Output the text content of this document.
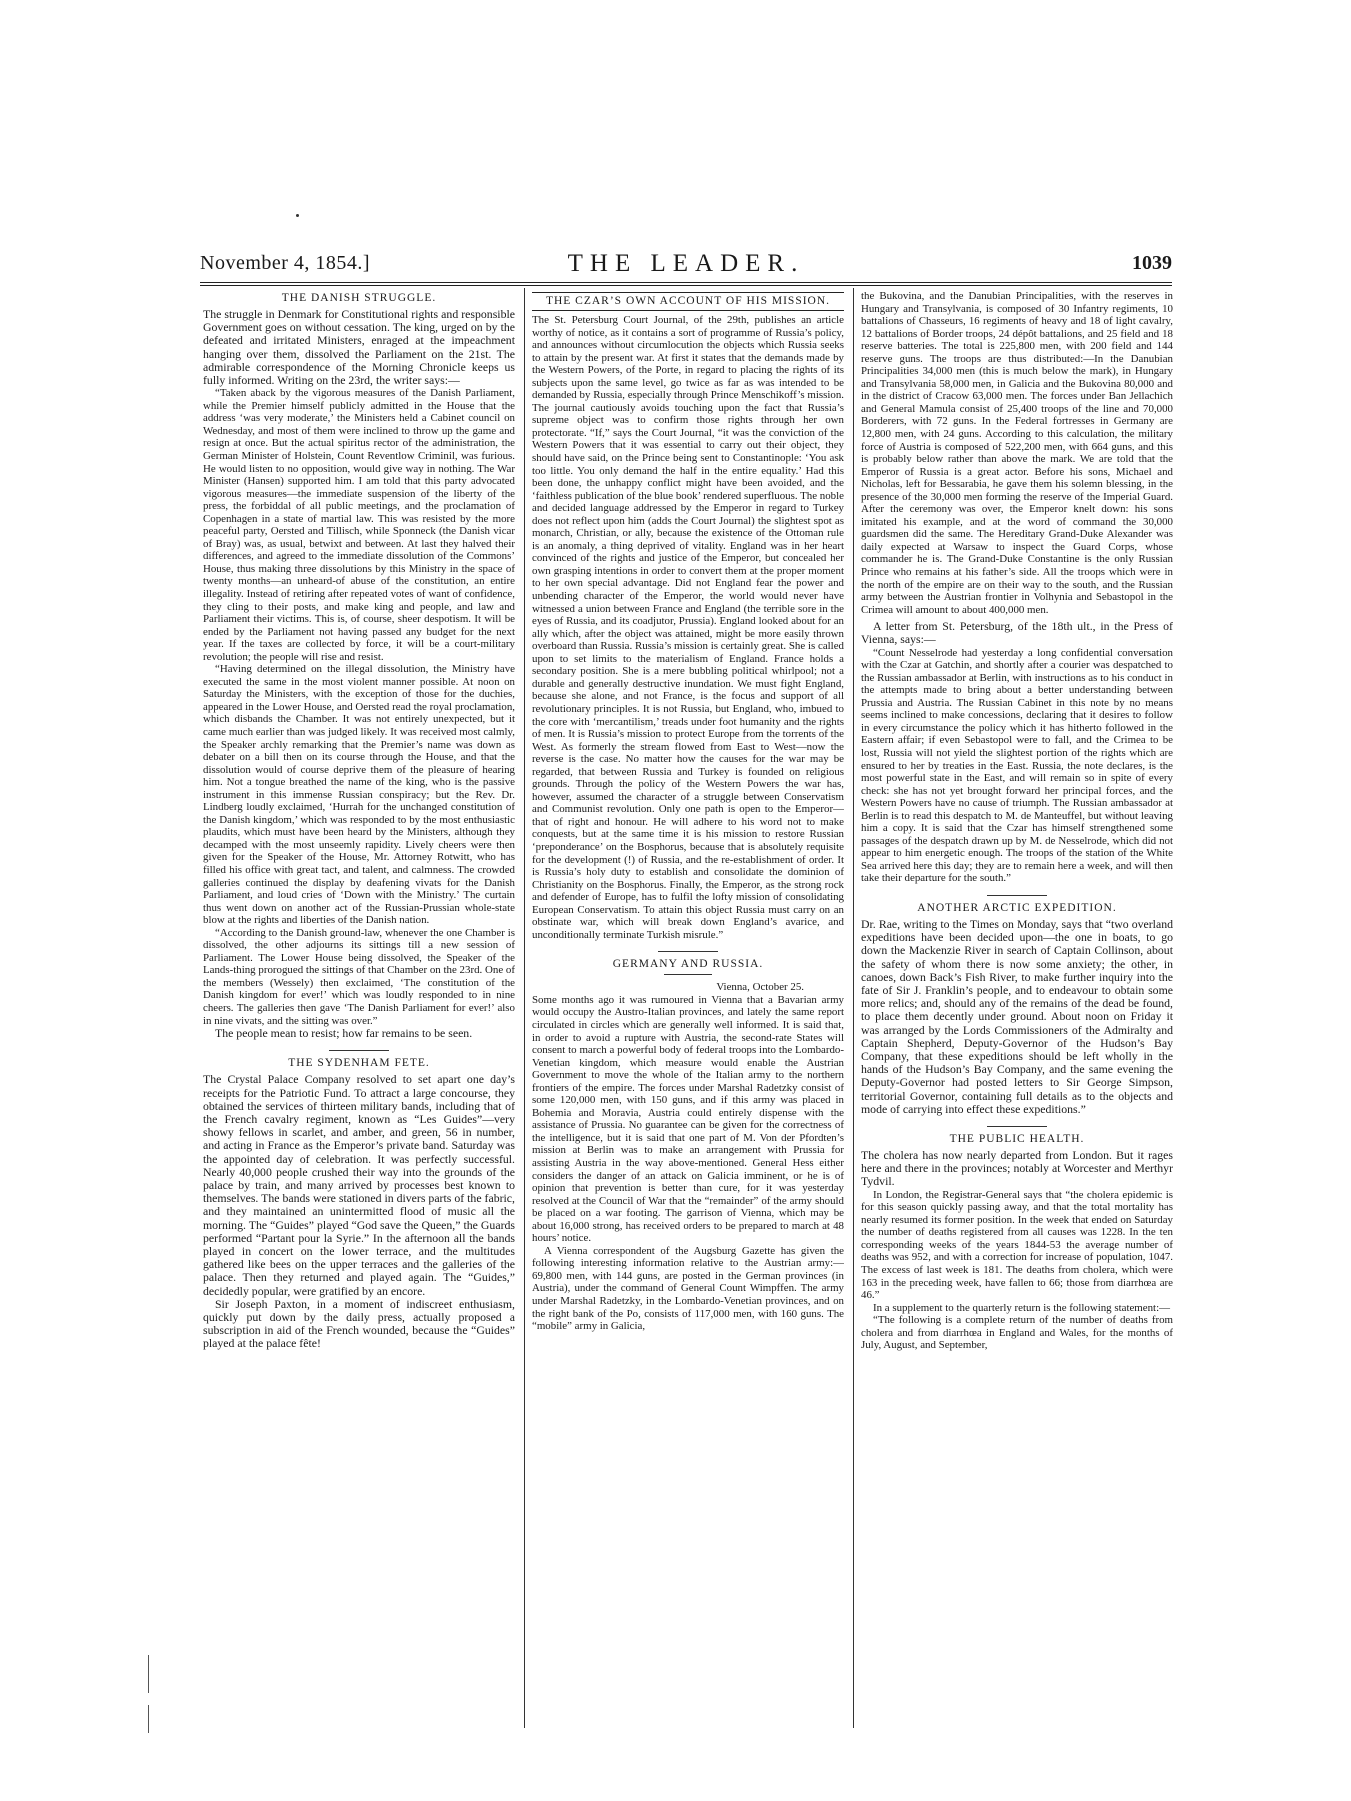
November 4, 1854.]	THE LEADER.	1039
THE DANISH STRUGGLE.

The struggle in Denmark for Constitutional rights and responsible Government goes on without cessation. The king, urged on by the defeated and irritated Ministers, enraged at the impeachment hanging over them, dissolved the Parliament on the 21st. The admirable correspondence of the Morning Chronicle keeps us fully informed. Writing on the 23rd, the writer says:—

“Taken aback by the vigorous measures of the Danish Parliament, while the Premier himself publicly admitted in the House that the address ‘was very moderate,’ the Ministers held a Cabinet council on Wednesday, and most of them were inclined to throw up the game and resign at once. But the actual spiritus rector of the administration, the German Minister of Holstein, Count Reventlow Criminil, was furious. He would listen to no opposition, would give way in nothing. The War Minister (Hansen) supported him. I am told that this party advocated vigorous measures—the immediate suspension of the liberty of the press, the forbiddal of all public meetings, and the proclamation of Copenhagen in a state of martial law. This was resisted by the more peaceful party, Oersted and Tillisch, while Sponneck (the Danish vicar of Bray) was, as usual, betwixt and between. At last they halved their differences, and agreed to the immediate dissolution of the Commons’ House, thus making three dissolutions by this Ministry in the space of twenty months—an unheard-of abuse of the constitution, an entire illegality. Instead of retiring after repeated votes of want of confidence, they cling to their posts, and make king and people, and law and Parliament their victims. This is, of course, sheer despotism. It will be ended by the Parliament not having passed any budget for the next year. If the taxes are collected by force, it will be a court-military revolution; the people will rise and resist.

“Having determined on the illegal dissolution, the Ministry have executed the same in the most violent manner possible. At noon on Saturday the Ministers, with the exception of those for the duchies, appeared in the Lower House, and Oersted read the royal proclamation, which disbands the Chamber. It was not entirely unexpected, but it came much earlier than was judged likely. It was received most calmly, the Speaker archly remarking that the Premier’s name was down as debater on a bill then on its course through the House, and that the dissolution would of course deprive them of the pleasure of hearing him. Not a tongue breathed the name of the king, who is the passive instrument in this immense Russian conspiracy; but the Rev. Dr. Lindberg loudly exclaimed, ‘Hurrah for the unchanged constitution of the Danish kingdom,’ which was responded to by the most enthusiastic plaudits, which must have been heard by the Ministers, although they decamped with the most unseemly rapidity. Lively cheers were then given for the Speaker of the House, Mr. Attorney Rotwitt, who has filled his office with great tact, and talent, and calmness. The crowded galleries continued the display by deafening vivats for the Danish Parliament, and loud cries of ‘Down with the Ministry.’ The curtain thus went down on another act of the Russian-Prussian whole-state blow at the rights and liberties of the Danish nation.

“According to the Danish ground-law, whenever the one Chamber is dissolved, the other adjourns its sittings till a new session of Parliament. The Lower House being dissolved, the Speaker of the Lands-thing prorogued the sittings of that Chamber on the 23rd. One of the members (Wessely) then exclaimed, ‘The constitution of the Danish kingdom for ever!’ which was loudly responded to in nine cheers. The galleries then gave ‘The Danish Parliament for ever!’ also in nine vivats, and the sitting was over.”

The people mean to resist; how far remains to be seen.

THE SYDENHAM FETE.

The Crystal Palace Company resolved to set apart one day’s receipts for the Patriotic Fund. To attract a large concourse, they obtained the services of thirteen military bands, including that of the French cavalry regiment, known as “Les Guides”—very showy fellows in scarlet, and amber, and green, 56 in number, and acting in France as the Emperor’s private band. Saturday was the appointed day of celebration. It was perfectly successful. Nearly 40,000 people crushed their way into the grounds of the palace by train, and many arrived by processes best known to themselves. The bands were stationed in divers parts of the fabric, and they maintained an unintermitted flood of music all the morning. The “Guides” played “God save the Queen,” the Guards performed “Partant pour la Syrie.” In the afternoon all the bands played in concert on the lower terrace, and the multitudes gathered like bees on the upper terraces and the galleries of the palace. Then they returned and played again. The “Guides,” decidedly popular, were gratified by an encore.

Sir Joseph Paxton, in a moment of indiscreet enthusiasm, quickly put down by the daily press, actually proposed a subscription in aid of the French wounded, because the “Guides” played at the palace fête!

THE CZAR’S OWN ACCOUNT OF HIS MISSION.

The St. Petersburg Court Journal, of the 29th, publishes an article worthy of notice, as it contains a sort of programme of Russia’s policy, and announces without circumlocution the objects which Russia seeks to attain by the present war. At first it states that the demands made by the Western Powers, of the Porte, in regard to placing the rights of its subjects upon the same level, go twice as far as was intended to be demanded by Russia, especially through Prince Menschikoff’s mission. The journal cautiously avoids touching upon the fact that Russia’s supreme object was to confirm those rights through her own protectorate. “If,” says the Court Journal, “it was the conviction of the Western Powers that it was essential to carry out their object, they should have said, on the Prince being sent to Constantinople: ‘You ask too little. You only demand the half in the entire equality.’ Had this been done, the unhappy conflict might have been avoided, and the ‘faithless publication of the blue book’ rendered superfluous. The noble and decided language addressed by the Emperor in regard to Turkey does not reflect upon him (adds the Court Journal) the slightest spot as monarch, Christian, or ally, because the existence of the Ottoman rule is an anomaly, a thing deprived of vitality. England was in her heart convinced of the rights and justice of the Emperor, but concealed her own grasping intentions in order to convert them at the proper moment to her own special advantage. Did not England fear the power and unbending character of the Emperor, the world would never have witnessed a union between France and England (the terrible sore in the eyes of Russia, and its coadjutor, Prussia). England looked about for an ally which, after the object was attained, might be more easily thrown overboard than Russia. Russia’s mission is certainly great. She is called upon to set limits to the materialism of England. France holds a secondary position. She is a mere bubbling political whirlpool; not a durable and generally destructive inundation. We must fight England, because she alone, and not France, is the focus and support of all revolutionary principles. It is not Russia, but England, who, imbued to the core with ‘mercantilism,’ treads under foot humanity and the rights of men. It is Russia’s mission to protect Europe from the torrents of the West. As formerly the stream flowed from East to West—now the reverse is the case. No matter how the causes for the war may be regarded, that between Russia and Turkey is founded on religious grounds. Through the policy of the Western Powers the war has, however, assumed the character of a struggle between Conservatism and Communist revolution. Only one path is open to the Emperor—that of right and honour. He will adhere to his word not to make conquests, but at the same time it is his mission to restore Russian ‘preponderance’ on the Bosphorus, because that is absolutely requisite for the development (!) of Russia, and the re-establishment of order. It is Russia’s holy duty to establish and consolidate the dominion of Christianity on the Bosphorus. Finally, the Emperor, as the strong rock and defender of Europe, has to fulfil the lofty mission of consolidating European Conservatism. To attain this object Russia must carry on an obstinate war, which will break down England’s avarice, and unconditionally terminate Turkish misrule.”

GERMANY AND RUSSIA.
Vienna, October 25.

Some months ago it was rumoured in Vienna that a Bavarian army would occupy the Austro-Italian provinces, and lately the same report circulated in circles which are generally well informed. It is said that, in order to avoid a rupture with Austria, the second-rate States will consent to march a powerful body of federal troops into the Lombardo-Venetian kingdom, which measure would enable the Austrian Government to move the whole of the Italian army to the northern frontiers of the empire. The forces under Marshal Radetzky consist of some 120,000 men, with 150 guns, and if this army was placed in Bohemia and Moravia, Austria could entirely dispense with the assistance of Prussia. No guarantee can be given for the correctness of the intelligence, but it is said that one part of M. Von der Pfordten’s mission at Berlin was to make an arrangement with Prussia for assisting Austria in the way above-mentioned. General Hess either considers the danger of an attack on Galicia imminent, or he is of opinion that prevention is better than cure, for it was yesterday resolved at the Council of War that the “remainder” of the army should be placed on a war footing. The garrison of Vienna, which may be about 16,000 strong, has received orders to be prepared to march at 48 hours’ notice.

A Vienna correspondent of the Augsburg Gazette has given the following interesting information relative to the Austrian army:—69,800 men, with 144 guns, are posted in the German provinces (in Austria), under the command of General Count Wimpffen. The army under Marshal Radetzky, in the Lombardo-Venetian provinces, and on the right bank of the Po, consists of 117,000 men, with 160 guns. The “mobile” army in Galicia,

the Bukovina, and the Danubian Principalities, with the reserves in Hungary and Transylvania, is composed of 30 Infantry regiments, 10 battalions of Chasseurs, 16 regiments of heavy and 18 of light cavalry, 12 battalions of Border troops, 24 dépôt battalions, and 25 field and 18 reserve batteries. The total is 225,800 men, with 200 field and 144 reserve guns. The troops are thus distributed:—In the Danubian Principalities 34,000 men (this is much below the mark), in Hungary and Transylvania 58,000 men, in Galicia and the Bukovina 80,000 and in the district of Cracow 63,000 men. The forces under Ban Jellachich and General Mamula consist of 25,400 troops of the line and 70,000 Borderers, with 72 guns. In the Federal fortresses in Germany are 12,800 men, with 24 guns. According to this calculation, the military force of Austria is composed of 522,200 men, with 664 guns, and this is probably below rather than above the mark. We are told that the Emperor of Russia is a great actor. Before his sons, Michael and Nicholas, left for Bessarabia, he gave them his solemn blessing, in the presence of the 30,000 men forming the reserve of the Imperial Guard. After the ceremony was over, the Emperor knelt down: his sons imitated his example, and at the word of command the 30,000 guardsmen did the same. The Hereditary Grand-Duke Alexander was daily expected at Warsaw to inspect the Guard Corps, whose commander he is. The Grand-Duke Constantine is the only Russian Prince who remains at his father’s side. All the troops which were in the north of the empire are on their way to the south, and the Russian army between the Austrian frontier in Volhynia and Sebastopol in the Crimea will amount to about 400,000 men.

A letter from St. Petersburg, of the 18th ult., in the Press of Vienna, says:—

“Count Nesselrode had yesterday a long confidential conversation with the Czar at Gatchin, and shortly after a courier was despatched to the Russian ambassador at Berlin, with instructions as to his conduct in the attempts made to bring about a better understanding between Prussia and Austria. The Russian Cabinet in this note by no means seems inclined to make concessions, declaring that it desires to follow in every circumstance the policy which it has hitherto followed in the Eastern affair; if even Sebastopol were to fall, and the Crimea to be lost, Russia will not yield the slightest portion of the rights which are ensured to her by treaties in the East. Russia, the note declares, is the most powerful state in the East, and will remain so in spite of every check: she has not yet brought forward her principal forces, and the Western Powers have no cause of triumph. The Russian ambassador at Berlin is to read this despatch to M. de Manteuffel, but without leaving him a copy. It is said that the Czar has himself strengthened some passages of the despatch drawn up by M. de Nesselrode, which did not appear to him energetic enough. The troops of the station of the White Sea arrived here this day; they are to remain here a week, and will then take their departure for the south.”

ANOTHER ARCTIC EXPEDITION.

Dr. Rae, writing to the Times on Monday, says that “two overland expeditions have been decided upon—the one in boats, to go down the Mackenzie River in search of Captain Collinson, about the safety of whom there is now some anxiety; the other, in canoes, down Back’s Fish River, to make further inquiry into the fate of Sir J. Franklin’s people, and to endeavour to obtain some more relics; and, should any of the remains of the dead be found, to place them decently under ground. About noon on Friday it was arranged by the Lords Commissioners of the Admiralty and Captain Shepherd, Deputy-Governor of the Hudson’s Bay Company, that these expeditions should be left wholly in the hands of the Hudson’s Bay Company, and the same evening the Deputy-Governor had posted letters to Sir George Simpson, territorial Governor, containing full details as to the objects and mode of carrying into effect these expeditions.”

THE PUBLIC HEALTH.

The cholera has now nearly departed from London. But it rages here and there in the provinces; notably at Worcester and Merthyr Tydvil.

In London, the Registrar-General says that “the cholera epidemic is for this season quickly passing away, and that the total mortality has nearly resumed its former position. In the week that ended on Saturday the number of deaths registered from all causes was 1228. In the ten corresponding weeks of the years 1844-53 the average number of deaths was 952, and with a correction for increase of population, 1047. The excess of last week is 181. The deaths from cholera, which were 163 in the preceding week, have fallen to 66; those from diarrhœa are 46.”

In a supplement to the quarterly return is the following statement:—

“The following is a complete return of the number of deaths from cholera and from diarrhœa in England and Wales, for the months of July, August, and September,
